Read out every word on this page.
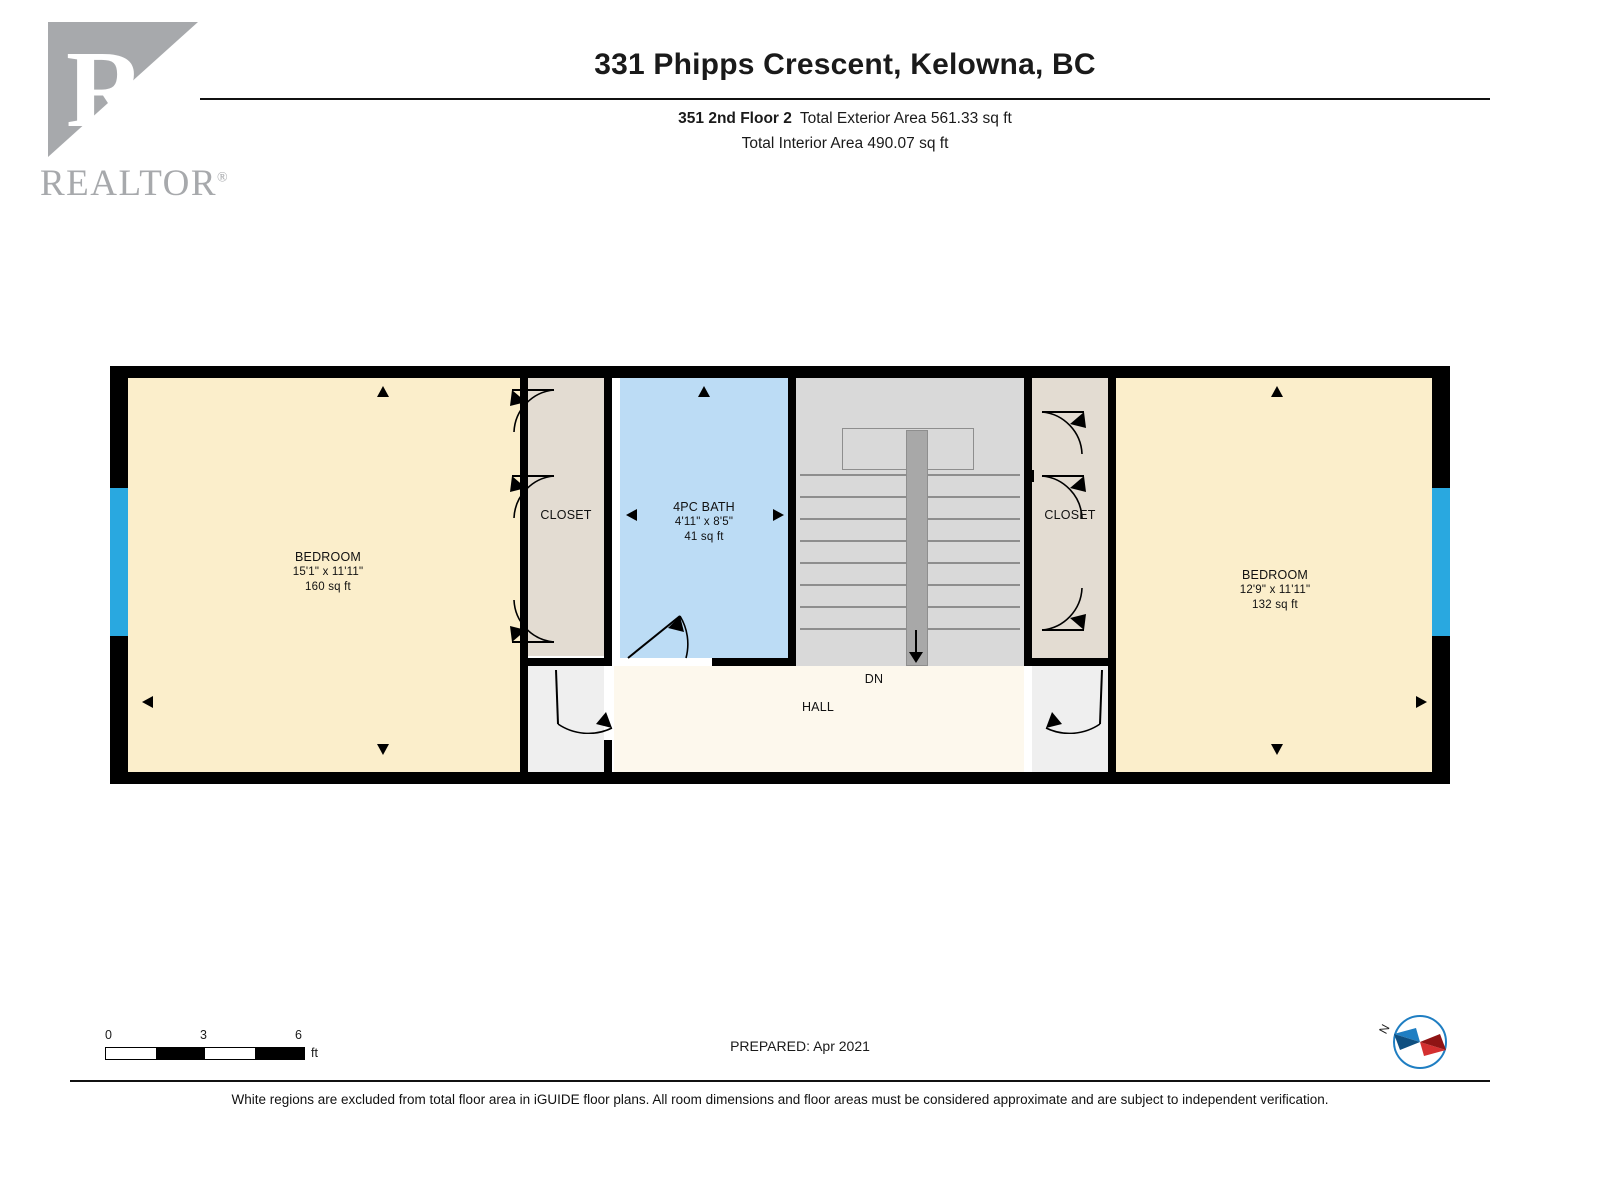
R
REALTOR®
331 Phipps Crescent, Kelowna, BC
351 2nd Floor 2 Total Exterior Area 561.33 sq ft
Total Interior Area 490.07 sq ft
BEDROOM
15'1" x 11'11"
160 sq ft
CLOSET
4PC BATH
4'11" x 8'5"
41 sq ft
CLOSET
BEDROOM
12'9" x 11'11"
132 sq ft
DN
HALL
0	3	6
ft	PREPARED: Apr 2021
N
White regions are excluded from total floor area in iGUIDE floor plans. All room dimensions and floor areas must be considered approximate and are subject to independent verification.
